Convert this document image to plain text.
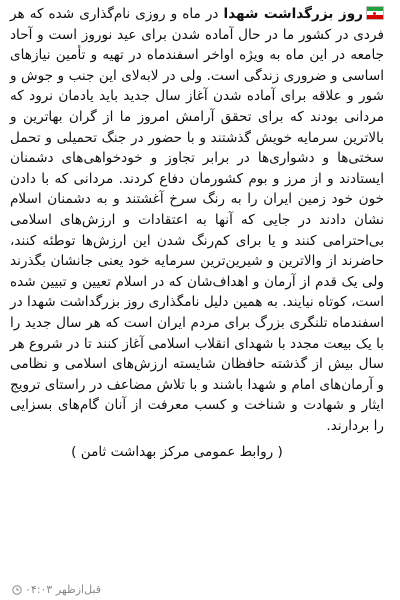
روز بزرگداشت شهدا در ماه و روزی نام‌گذاری شده که هر فردی در کشور ما در حال آماده شدن برای عید نوروز است و آحاد جامعه در این ماه به ویژه اواخر اسفندماه در تهیه و تأمین نیازهای اساسی و ضروری زندگی است. ولی در لابه‌لای این جنب و جوش و شور و علاقه برای آماده شدن آغاز سال جدید باید یادمان نرود که مردانی بودند که برای تحقق آرامش امروز ما از گران بهاترین و بالاترین سرمایه خویش گذشتند و با حضور در جنگ تحمیلی و تحمل سختی‌ها و دشواری‌ها در برابر تجاوز و خودخواهی‌های دشمنان ایستادند و از مرز و بوم کشورمان دفاع کردند. مردانی که با دادن خون خود زمین ایران را به رنگ سرخ آغشتند و به دشمنان اسلام نشان دادند در جایی که آنها به اعتقادات و ارزش‌های اسلامی بی‌احترامی کنند و یا برای کم‌رنگ شدن این ارزش‌ها توطئه کنند، حاضرند از والاترین و شیرین‌ترین سرمایه خود یعنی جانشان بگذرند ولی یک قدم از آرمان و اهداف‌شان که در اسلام تعیین و تبیین شده است، کوتاه نیایند. به همین دلیل نامگذاری روز بزرگداشت شهدا در اسفندماه تلنگری بزرگ برای مردم ایران است که هر سال جدید را با یک بیعت مجدد با شهدای انقلاب اسلامی آغاز کنند تا در شروع هر سال بیش از گذشته حافظان شایسته ارزش‌های اسلامی و نظامی و آرمان‌های امام و شهدا باشند و با تلاش مضاعف در راستای ترویج ایثار و شهادت و شناخت و کسب معرفت از آنان گام‌های بسزایی را بردارند.

( روابط عمومی مرکز بهداشت ثامن )
۰۴:۰۳ قبل‌ازظهر
